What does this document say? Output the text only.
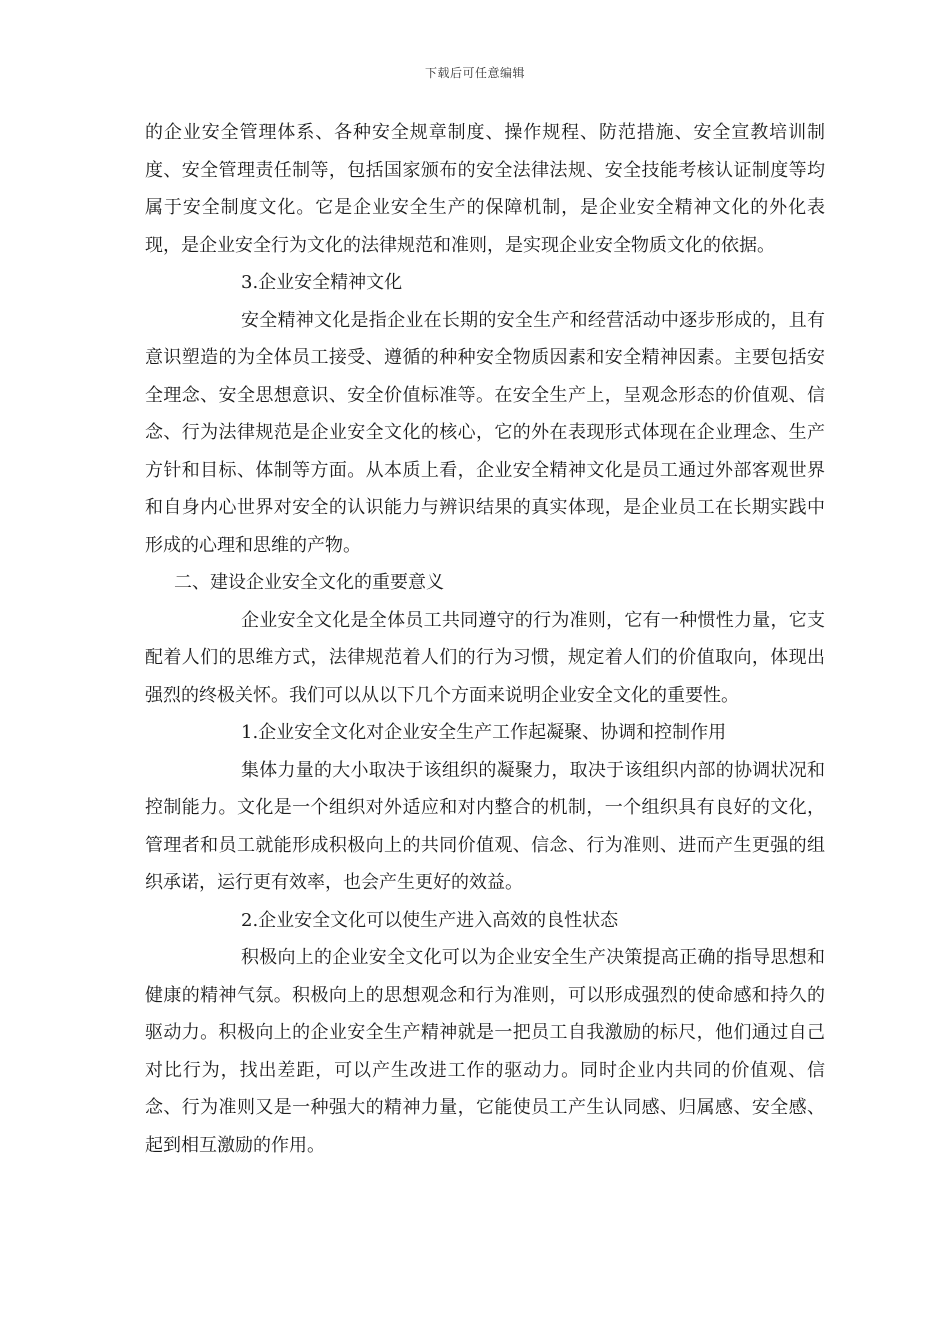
下载后可任意编辑

的企业安全管理体系、各种安全规章制度、操作规程、防范措施、安全宣教培训制度、安全管理责任制等，包括国家颁布的安全法律法规、安全技能考核认证制度等均属于安全制度文化。它是企业安全生产的保障机制，是企业安全精神文化的外化表现，是企业安全行为文化的法律规范和准则，是实现企业安全物质文化的依据。

3.企业安全精神文化

安全精神文化是指企业在长期的安全生产和经营活动中逐步形成的，且有意识塑造的为全体员工接受、遵循的种种安全物质因素和安全精神因素。主要包括安全理念、安全思想意识、安全价值标准等。在安全生产上，呈观念形态的价值观、信念、行为法律规范是企业安全文化的核心，它的外在表现形式体现在企业理念、生产方针和目标、体制等方面。从本质上看，企业安全精神文化是员工通过外部客观世界和自身内心世界对安全的认识能力与辨识结果的真实体现，是企业员工在长期实践中形成的心理和思维的产物。

二、建设企业安全文化的重要意义

企业安全文化是全体员工共同遵守的行为准则，它有一种惯性力量，它支配着人们的思维方式，法律规范着人们的行为习惯，规定着人们的价值取向，体现出强烈的终极关怀。我们可以从以下几个方面来说明企业安全文化的重要性。

1.企业安全文化对企业安全生产工作起凝聚、协调和控制作用

集体力量的大小取决于该组织的凝聚力，取决于该组织内部的协调状况和控制能力。文化是一个组织对外适应和对内整合的机制，一个组织具有良好的文化，管理者和员工就能形成积极向上的共同价值观、信念、行为准则、进而产生更强的组织承诺，运行更有效率，也会产生更好的效益。

2.企业安全文化可以使生产进入高效的良性状态

积极向上的企业安全文化可以为企业安全生产决策提高正确的指导思想和健康的精神气氛。积极向上的思想观念和行为准则，可以形成强烈的使命感和持久的驱动力。积极向上的企业安全生产精神就是一把员工自我激励的标尺，他们通过自己对比行为，找出差距，可以产生改进工作的驱动力。同时企业内共同的价值观、信念、行为准则又是一种强大的精神力量，它能使员工产生认同感、归属感、安全感、起到相互激励的作用。
